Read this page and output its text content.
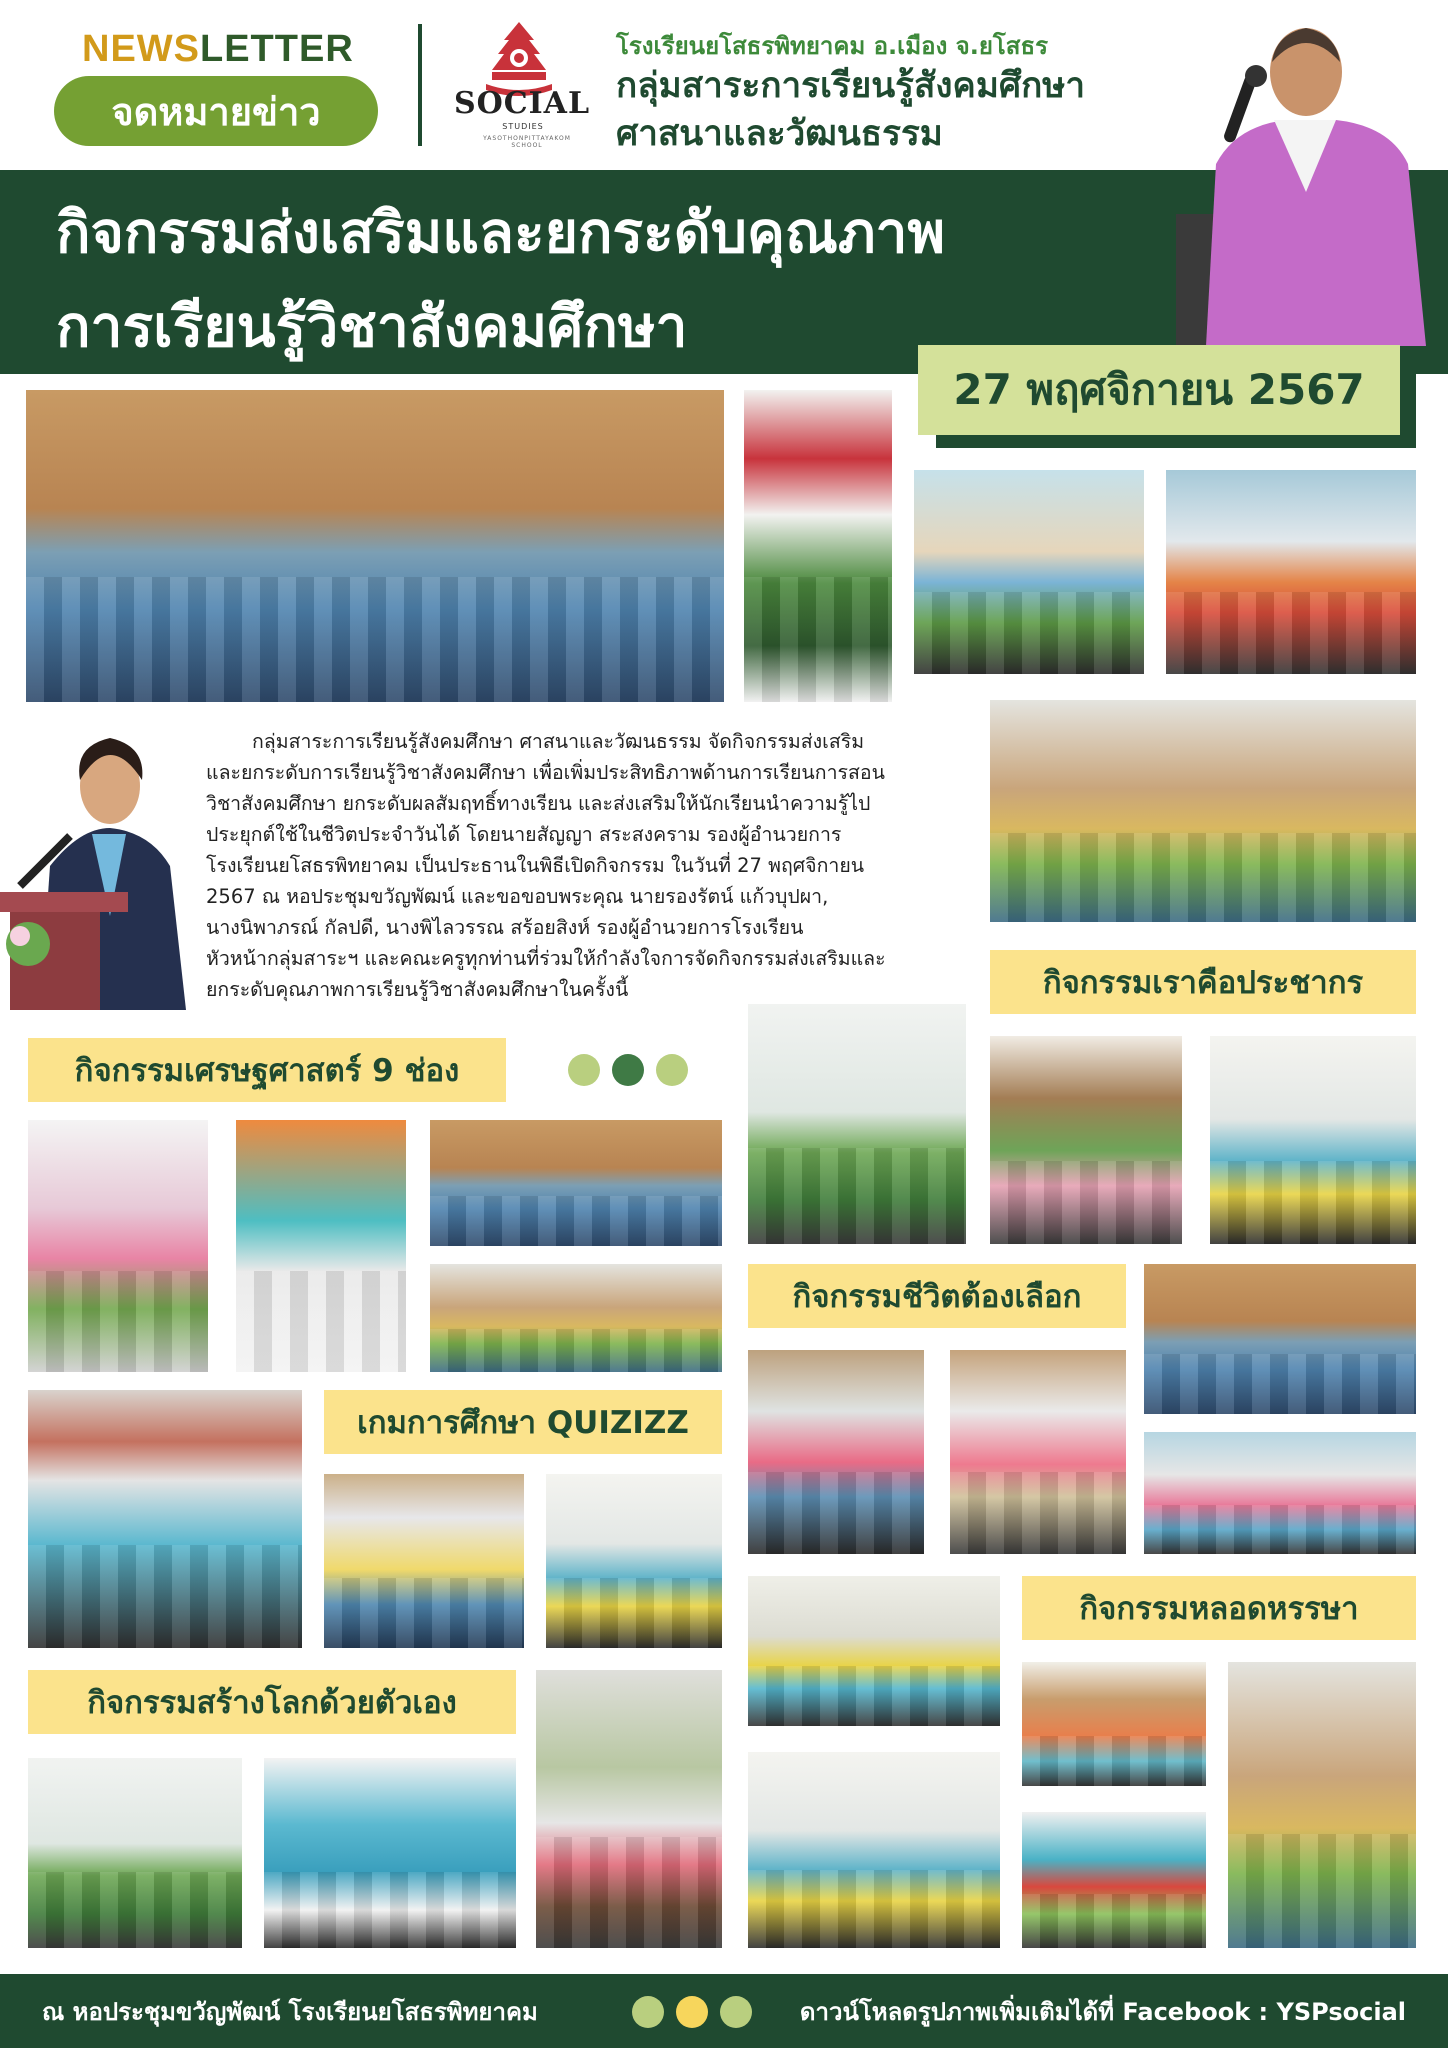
NEWSLETTER
จดหมายข่าว	SOCIAL
STUDIES
YASOTHONPITTAYAKOM SCHOOL
โรงเรียนยโสธรพิทยาคม อ.เมือง จ.ยโสธร
กลุ่มสาระการเรียนรู้สังคมศึกษา
ศาสนาและวัฒนธรรม
กิจกรรมส่งเสริมและยกระดับคุณภาพ
การเรียนรู้วิชาสังคมศึกษา
27 พฤศจิกายน 2567
กลุ่มสาระการเรียนรู้สังคมศึกษา ศาสนาและวัฒนธรรม จัดกิจกรรมส่งเสริม
และยกระดับการเรียนรู้วิชาสังคมศึกษา เพื่อเพิ่มประสิทธิภาพด้านการเรียนการสอน
วิชาสังคมศึกษา ยกระดับผลสัมฤทธิ์ทางเรียน และส่งเสริมให้นักเรียนนำความรู้ไป
ประยุกต์ใช้ในชีวิตประจำวันได้ โดยนายสัญญา สระสงคราม รองผู้อำนวยการ
โรงเรียนยโสธรพิทยาคม เป็นประธานในพิธีเปิดกิจกรรม ในวันที่ 27 พฤศจิกายน
2567 ณ หอประชุมขวัญพัฒน์ และขอขอบพระคุณ นายรองรัตน์ แก้วบุปผา,
นางนิพาภรณ์ กัลปดี, นางพิไลวรรณ สร้อยสิงห์ รองผู้อำนวยการโรงเรียน
หัวหน้ากลุ่มสาระฯ และคณะครูทุกท่านที่ร่วมให้กำลังใจการจัดกิจกรรมส่งเสริมและ
ยกระดับคุณภาพการเรียนรู้วิชาสังคมศึกษาในครั้งนี้	กิจกรรมเราคือประชากร
กิจกรรมเศรษฐศาสตร์ 9 ช่อง
กิจกรรมชีวิตต้องเลือก
เกมการศึกษา QUIZIZZ
กิจกรรมหลอดหรรษา
กิจกรรมสร้างโลกด้วยตัวเอง
ณ หอประชุมขวัญพัฒน์ โรงเรียนยโสธรพิทยาคม	ดาวน์โหลดรูปภาพเพิ่มเติมได้ที่ Facebook : YSPsocial
